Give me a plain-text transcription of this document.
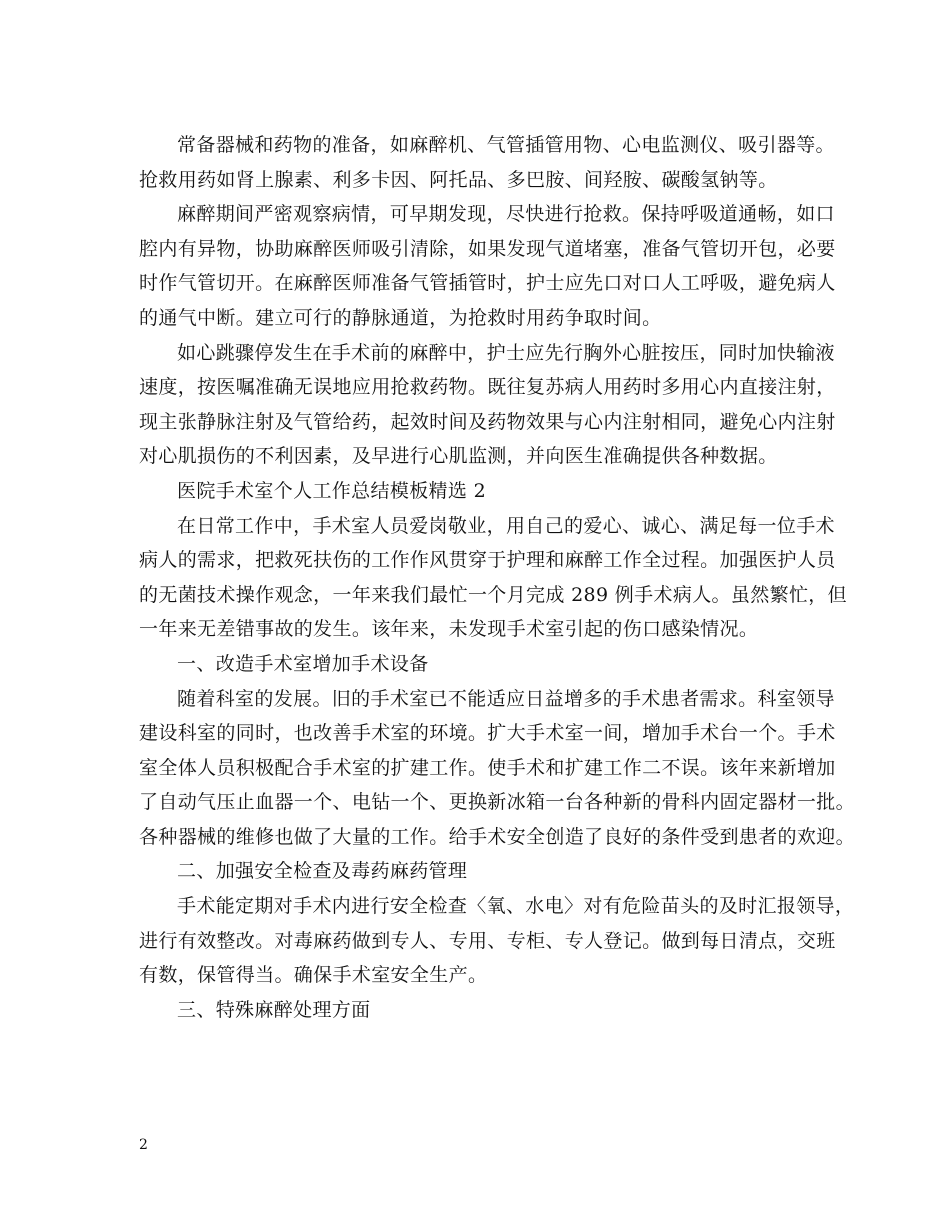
常备器械和药物的准备，如麻醉机、气管插管用物、心电监测仪、吸引器等。
抢救用药如肾上腺素、利多卡因、阿托品、多巴胺、间羟胺、碳酸氢钠等。
麻醉期间严密观察病情，可早期发现，尽快进行抢救。保持呼吸道通畅，如口
腔内有异物，协助麻醉医师吸引清除，如果发现气道堵塞，准备气管切开包，必要
时作气管切开。在麻醉医师准备气管插管时，护士应先口对口人工呼吸，避免病人
的通气中断。建立可行的静脉通道，为抢救时用药争取时间。
如心跳骤停发生在手术前的麻醉中，护士应先行胸外心脏按压，同时加快输液
速度，按医嘱准确无误地应用抢救药物。既往复苏病人用药时多用心内直接注射，
现主张静脉注射及气管给药，起效时间及药物效果与心内注射相同，避免心内注射
对心肌损伤的不利因素，及早进行心肌监测，并向医生准确提供各种数据。
医院手术室个人工作总结模板精选 2
在日常工作中，手术室人员爱岗敬业，用自己的爱心、诚心、满足每一位手术
病人的需求，把救死扶伤的工作作风贯穿于护理和麻醉工作全过程。加强医护人员
的无菌技术操作观念，一年来我们最忙一个月完成 289 例手术病人。虽然繁忙，但
一年来无差错事故的发生。该年来，未发现手术室引起的伤口感染情况。
一、改造手术室增加手术设备
随着科室的发展。旧的手术室已不能适应日益增多的手术患者需求。科室领导
建设科室的同时，也改善手术室的环境。扩大手术室一间，增加手术台一个。手术
室全体人员积极配合手术室的扩建工作。使手术和扩建工作二不误。该年来新增加
了自动气压止血器一个、电钻一个、更换新冰箱一台各种新的骨科内固定器材一批。
各种器械的维修也做了大量的工作。给手术安全创造了良好的条件受到患者的欢迎。
二、加强安全检查及毒药麻药管理
手术能定期对手术内进行安全检查〈氧、水电〉对有危险苗头的及时汇报领导，
进行有效整改。对毒麻药做到专人、专用、专柜、专人登记。做到每日清点，交班
有数，保管得当。确保手术室安全生产。
三、特殊麻醉处理方面
2
